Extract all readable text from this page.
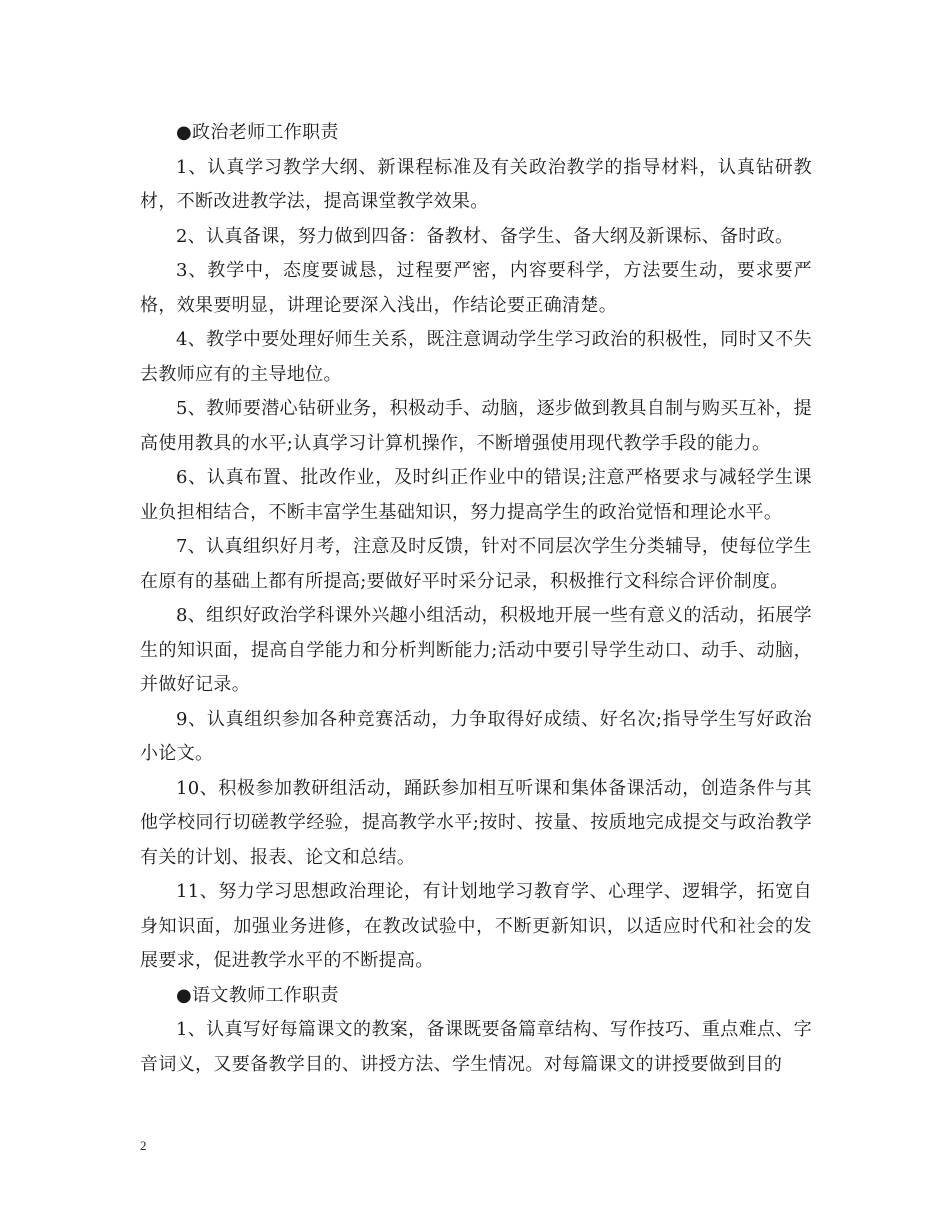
●政治老师工作职责

1、认真学习教学大纲、新课程标准及有关政治教学的指导材料，认真钻研教材，不断改进教学法，提高课堂教学效果。

2、认真备课，努力做到四备：备教材、备学生、备大纲及新课标、备时政。

3、教学中，态度要诚恳，过程要严密，内容要科学，方法要生动，要求要严格，效果要明显，讲理论要深入浅出，作结论要正确清楚。

4、教学中要处理好师生关系，既注意调动学生学习政治的积极性，同时又不失去教师应有的主导地位。

5、教师要潜心钻研业务，积极动手、动脑，逐步做到教具自制与购买互补，提高使用教具的水平;认真学习计算机操作，不断增强使用现代教学手段的能力。

6、认真布置、批改作业，及时纠正作业中的错误;注意严格要求与减轻学生课业负担相结合，不断丰富学生基础知识，努力提高学生的政治觉悟和理论水平。

7、认真组织好月考，注意及时反馈，针对不同层次学生分类辅导，使每位学生在原有的基础上都有所提高;要做好平时采分记录，积极推行文科综合评价制度。

8、组织好政治学科课外兴趣小组活动，积极地开展一些有意义的活动，拓展学生的知识面，提高自学能力和分析判断能力;活动中要引导学生动口、动手、动脑，并做好记录。

9、认真组织参加各种竞赛活动，力争取得好成绩、好名次;指导学生写好政治小论文。

10、积极参加教研组活动，踊跃参加相互听课和集体备课活动，创造条件与其他学校同行切磋教学经验，提高教学水平;按时、按量、按质地完成提交与政治教学有关的计划、报表、论文和总结。

11、努力学习思想政治理论，有计划地学习教育学、心理学、逻辑学，拓宽自身知识面，加强业务进修，在教改试验中，不断更新知识，以适应时代和社会的发展要求，促进教学水平的不断提高。

●语文教师工作职责

1、认真写好每篇课文的教案，备课既要备篇章结构、写作技巧、重点难点、字音词义，又要备教学目的、讲授方法、学生情况。对每篇课文的讲授要做到目的

2
